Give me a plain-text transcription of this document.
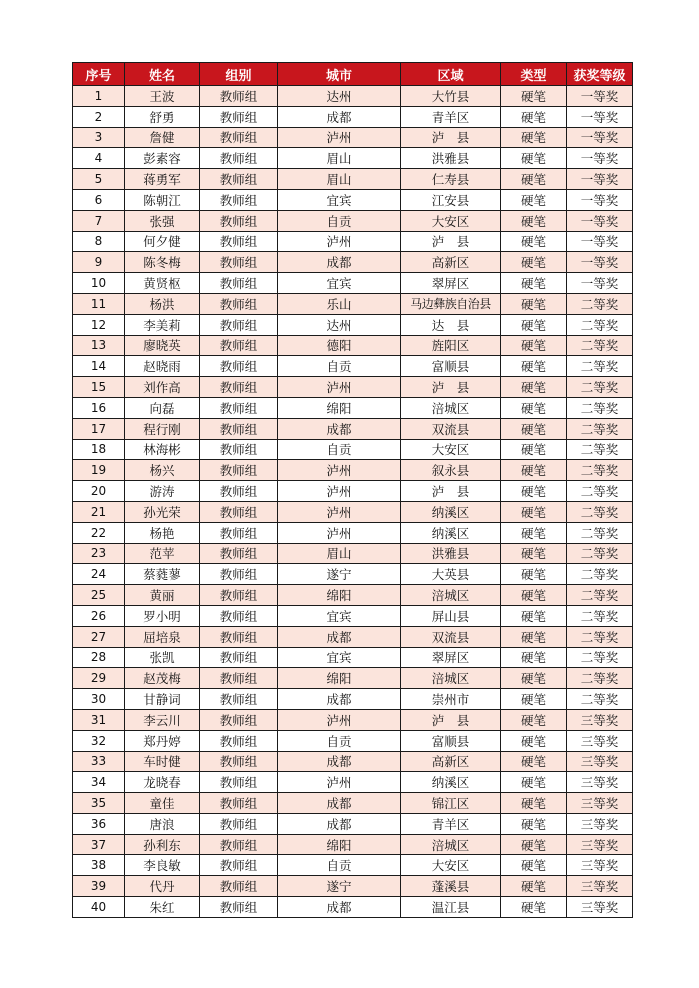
序号	姓名	组别	城市	区域	类型	获奖等级
1	王波	教师组	达州	大竹县	硬笔	一等奖
2	舒勇	教师组	成都	青羊区	硬笔	一等奖
3	詹健	教师组	泸州	泸　县	硬笔	一等奖
4	彭素容	教师组	眉山	洪雅县	硬笔	一等奖
5	蒋勇军	教师组	眉山	仁寿县	硬笔	一等奖
6	陈朝江	教师组	宜宾	江安县	硬笔	一等奖
7	张强	教师组	自贡	大安区	硬笔	一等奖
8	何夕健	教师组	泸州	泸　县	硬笔	一等奖
9	陈冬梅	教师组	成都	高新区	硬笔	一等奖
10	黄贤枢	教师组	宜宾	翠屏区	硬笔	一等奖
11	杨洪	教师组	乐山	马边彝族自治县	硬笔	二等奖
12	李美莉	教师组	达州	达　县	硬笔	二等奖
13	廖晓英	教师组	德阳	旌阳区	硬笔	二等奖
14	赵晓雨	教师组	自贡	富顺县	硬笔	二等奖
15	刘作高	教师组	泸州	泸　县	硬笔	二等奖
16	向磊	教师组	绵阳	涪城区	硬笔	二等奖
17	程行刚	教师组	成都	双流县	硬笔	二等奖
18	林海彬	教师组	自贡	大安区	硬笔	二等奖
19	杨兴	教师组	泸州	叙永县	硬笔	二等奖
20	游涛	教师组	泸州	泸　县	硬笔	二等奖
21	孙光荣	教师组	泸州	纳溪区	硬笔	二等奖
22	杨艳	教师组	泸州	纳溪区	硬笔	二等奖
23	范苹	教师组	眉山	洪雅县	硬笔	二等奖
24	蔡蕤蓼	教师组	遂宁	大英县	硬笔	二等奖
25	黄丽	教师组	绵阳	涪城区	硬笔	二等奖
26	罗小明	教师组	宜宾	屏山县	硬笔	二等奖
27	屈培泉	教师组	成都	双流县	硬笔	二等奖
28	张凯	教师组	宜宾	翠屏区	硬笔	二等奖
29	赵茂梅	教师组	绵阳	涪城区	硬笔	二等奖
30	甘静词	教师组	成都	崇州市	硬笔	二等奖
31	李云川	教师组	泸州	泸　县	硬笔	三等奖
32	郑丹婷	教师组	自贡	富顺县	硬笔	三等奖
33	车时健	教师组	成都	高新区	硬笔	三等奖
34	龙晓春	教师组	泸州	纳溪区	硬笔	三等奖
35	童佳	教师组	成都	锦江区	硬笔	三等奖
36	唐浪	教师组	成都	青羊区	硬笔	三等奖
37	孙利东	教师组	绵阳	涪城区	硬笔	三等奖
38	李良敏	教师组	自贡	大安区	硬笔	三等奖
39	代丹	教师组	遂宁	蓬溪县	硬笔	三等奖
40	朱红	教师组	成都	温江县	硬笔	三等奖
